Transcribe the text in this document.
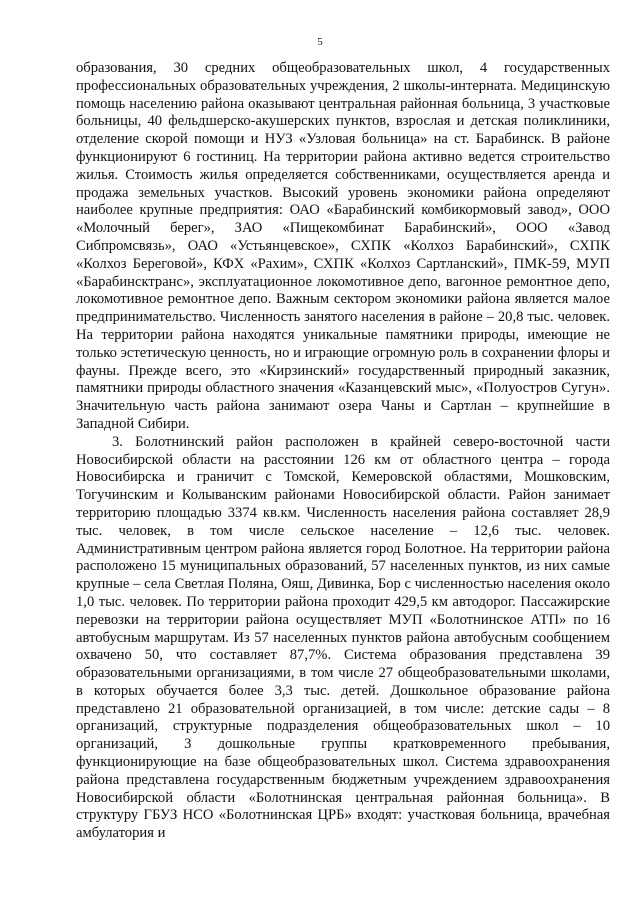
5

образования, 30 средних общеобразовательных школ, 4 государственных профессиональных образовательных учреждения, 2 школы-интерната. Медицинскую помощь населению района оказывают центральная районная больница, 3 участковые больницы, 40 фельдшерско-акушерских пунктов, взрослая и детская поликлиники, отделение скорой помощи и НУЗ «Узловая больница» на ст. Барабинск. В районе функционируют 6 гостиниц. На территории района активно ведется строительство жилья. Стоимость жилья определяется собственниками, осуществляется аренда и продажа земельных участков. Высокий уровень экономики района определяют наиболее крупные предприятия: ОАО «Барабинский комбикормовый завод», ООО «Молочный берег», ЗАО «Пищекомбинат Барабинский», ООО «Завод Сибпромсвязь», ОАО «Устьянцевское», СХПК «Колхоз Барабинский», СХПК «Колхоз Береговой», КФХ «Рахим», СХПК «Колхоз Сартланский», ПМК-59, МУП «Барабинсктранс», эксплуатационное локомотивное депо, вагонное ремонтное депо, локомотивное ремонтное депо. Важным сектором экономики района является малое предпринимательство. Численность занятого населения в районе – 20,8 тыс. человек. На территории района находятся уникальные памятники природы, имеющие не только эстетическую ценность, но и играющие огромную роль в сохранении флоры и фауны. Прежде всего, это «Кирзинский» государственный природный заказник, памятники природы областного значения «Казанцевский мыс», «Полуостров Сугун». Значительную часть района занимают озера Чаны и Сартлан – крупнейшие в Западной Сибири.

3. Болотнинский район расположен в крайней северо-восточной части Новосибирской области на расстоянии 126 км от областного центра – города Новосибирска и граничит с Томской, Кемеровской областями, Мошковским, Тогучинским и Колыванским районами Новосибирской области. Район занимает территорию площадью 3374 кв.км. Численность населения района составляет 28,9 тыс. человек, в том числе сельское население – 12,6 тыс. человек. Административным центром района является город Болотное. На территории района расположено 15 муниципальных образований, 57 населенных пунктов, из них самые крупные – села Светлая Поляна, Ояш, Дивинка, Бор с численностью населения около 1,0 тыс. человек. По территории района проходит 429,5 км автодорог. Пассажирские перевозки на территории района осуществляет МУП «Болотнинское АТП» по 16 автобусным маршрутам. Из 57 населенных пунктов района автобусным сообщением охвачено 50, что составляет 87,7%. Система образования представлена 39 образовательными организациями, в том числе 27 общеобразовательными школами, в которых обучается более 3,3 тыс. детей. Дошкольное образование района представлено 21 образовательной организацией, в том числе: детские сады – 8 организаций, структурные подразделения общеобразовательных школ – 10 организаций, 3 дошкольные группы кратковременного пребывания, функционирующие на базе общеобразовательных школ. Система здравоохранения района представлена государственным бюджетным учреждением здравоохранения Новосибирской области «Болотнинская центральная районная больница». В структуру ГБУЗ НСО «Болотнинская ЦРБ» входят: участковая больница, врачебная амбулатория и
